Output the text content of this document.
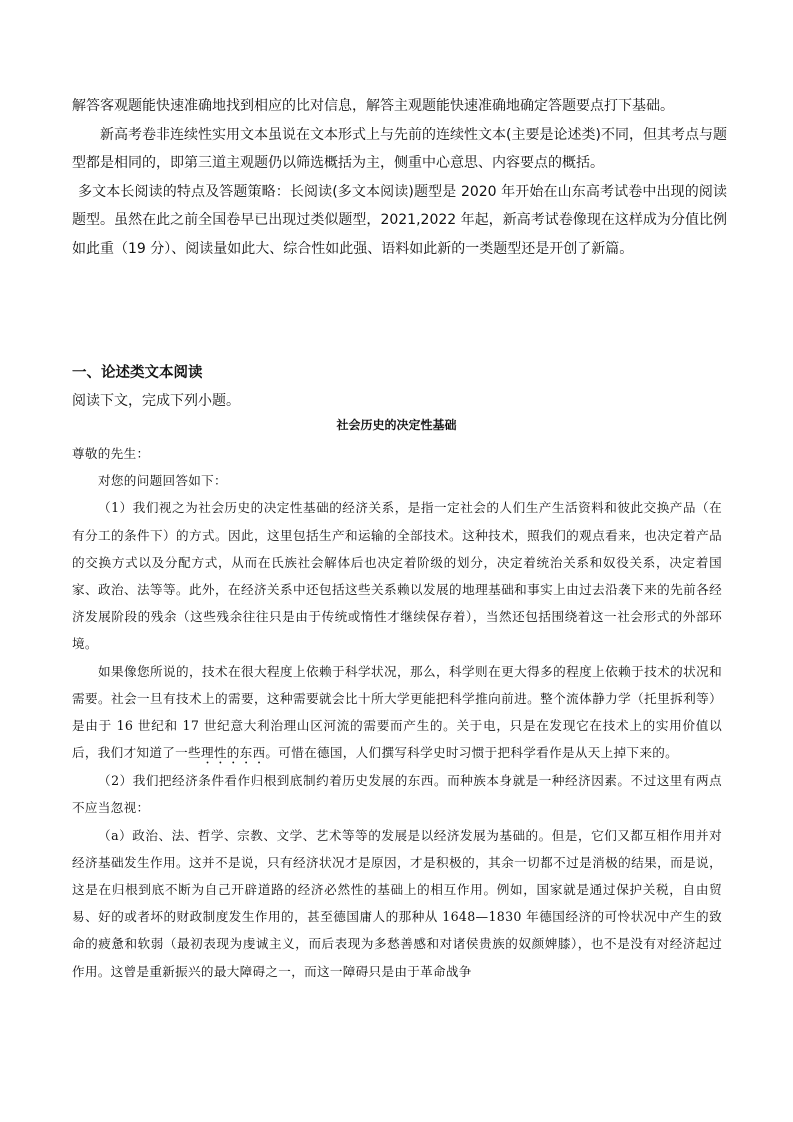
解答客观题能快速准确地找到相应的比对信息，解答主观题能快速准确地确定答题要点打下基础。

新高考卷非连续性实用文本虽说在文本形式上与先前的连续性文本(主要是论述类)不同，但其考点与题型都是相同的，即第三道主观题仍以筛选概括为主，侧重中心意思、内容要点的概括。

多文本长阅读的特点及答题策略：长阅读(多文本阅读)题型是 2020 年开始在山东高考试卷中出现的阅读题型。虽然在此之前全国卷早已出现过类似题型，2021,2022 年起，新高考试卷像现在这样成为分值比例如此重（19 分）、阅读量如此大、综合性如此强、语料如此新的一类题型还是开创了新篇。

一、论述类文本阅读
阅读下文，完成下列小题。
社会历史的决定性基础

尊敬的先生：

对您的问题回答如下：

（1）我们视之为社会历史的决定性基础的经济关系，是指一定社会的人们生产生活资料和彼此交换产品（在有分工的条件下）的方式。因此，这里包括生产和运输的全部技术。这种技术，照我们的观点看来，也决定着产品的交换方式以及分配方式，从而在氏族社会解体后也决定着阶级的划分，决定着统治关系和奴役关系，决定着国家、政治、法等等。此外，在经济关系中还包括这些关系赖以发展的地理基础和事实上由过去沿袭下来的先前各经济发展阶段的残余（这些残余往往只是由于传统或惰性才继续保存着），当然还包括围绕着这一社会形式的外部环境。

如果像您所说的，技术在很大程度上依赖于科学状况，那么，科学则在更大得多的程度上依赖于技术的状况和需要。社会一旦有技术上的需要，这种需要就会比十所大学更能把科学推向前进。整个流体静力学（托里拆利等）是由于 16 世纪和 17 世纪意大利治理山区河流的需要而产生的。关于电，只是在发现它在技术上的实用价值以后，我们才知道了一些理性的东西。可惜在德国，人们撰写科学史时习惯于把科学看作是从天上掉下来的。

（2）我们把经济条件看作归根到底制约着历史发展的东西。而种族本身就是一种经济因素。不过这里有两点不应当忽视：

（a）政治、法、哲学、宗教、文学、艺术等等的发展是以经济发展为基础的。但是，它们又都互相作用并对经济基础发生作用。这并不是说，只有经济状况才是原因，才是积极的，其余一切都不过是消极的结果，而是说，这是在归根到底不断为自己开辟道路的经济必然性的基础上的相互作用。例如，国家就是通过保护关税，自由贸易、好的或者坏的财政制度发生作用的，甚至德国庸人的那种从 1648—1830 年德国经济的可怜状况中产生的致命的疲惫和软弱（最初表现为虔诚主义，而后表现为多愁善感和对诸侯贵族的奴颜婢膝），也不是没有对经济起过作用。这曾是重新振兴的最大障碍之一，而这一障碍只是由于革命战争
